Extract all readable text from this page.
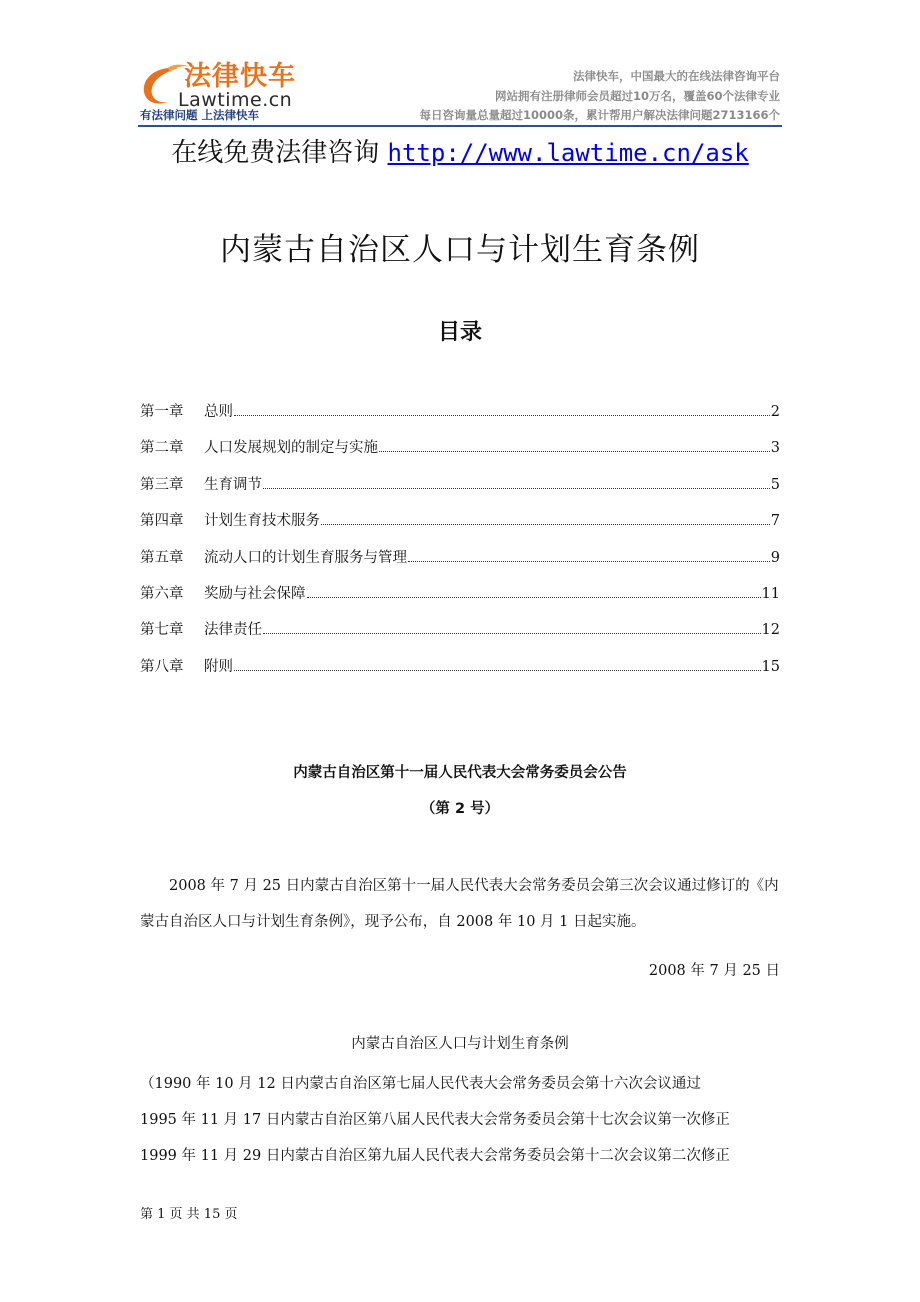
法律快车
Lawtime.cn
有法律问题 上法律快车
法律快车，中国最大的在线法律咨询平台
网站拥有注册律师会员超过10万名，覆盖60个法律专业
每日咨询量总量超过10000条，累计帮用户解决法律问题2713166个
在线免费法律咨询 http://www.lawtime.cn/ask
内蒙古自治区人口与计划生育条例
目录
第一章	总则	2
第二章	人口发展规划的制定与实施	3
第三章	生育调节	5
第四章	计划生育技术服务	7
第五章	流动人口的计划生育服务与管理	9
第六章	奖励与社会保障	11
第七章	法律责任	12
第八章	附则	15
内蒙古自治区第十一届人民代表大会常务委员会公告
（第 2 号）
2008 年 7 月 25 日内蒙古自治区第十一届人民代表大会常务委员会第三次会议通过修订的《内蒙古自治区人口与计划生育条例》，现予公布，自 2008 年 10 月 1 日起实施。
2008 年 7 月 25 日
内蒙古自治区人口与计划生育条例
（1990 年 10 月 12 日内蒙古自治区第七届人民代表大会常务委员会第十六次会议通过
1995 年 11 月 17 日内蒙古自治区第八届人民代表大会常务委员会第十七次会议第一次修正
1999 年 11 月 29 日内蒙古自治区第九届人民代表大会常务委员会第十二次会议第二次修正
第 1 页 共 15 页
